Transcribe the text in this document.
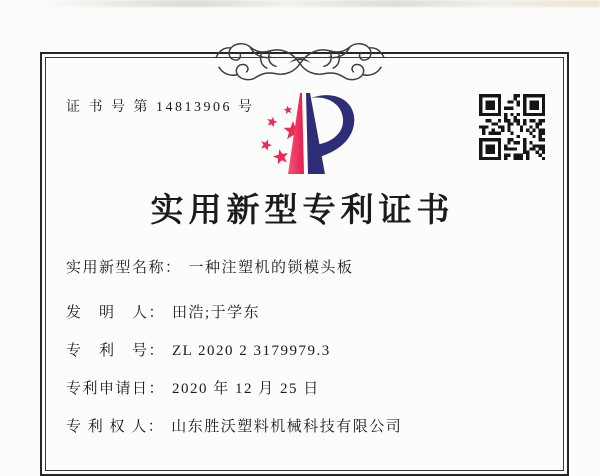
证 书 号 第 14813906 号
实用新型专利证书
实用新型名称： 一种注塑机的锁模头板
发　明　人： 田浩;于学东
专　利　号： ZL 2020 2 3179979.3
专利申请日： 2020 年 12 月 25 日
专 利 权 人： 山东胜沃塑料机械科技有限公司
